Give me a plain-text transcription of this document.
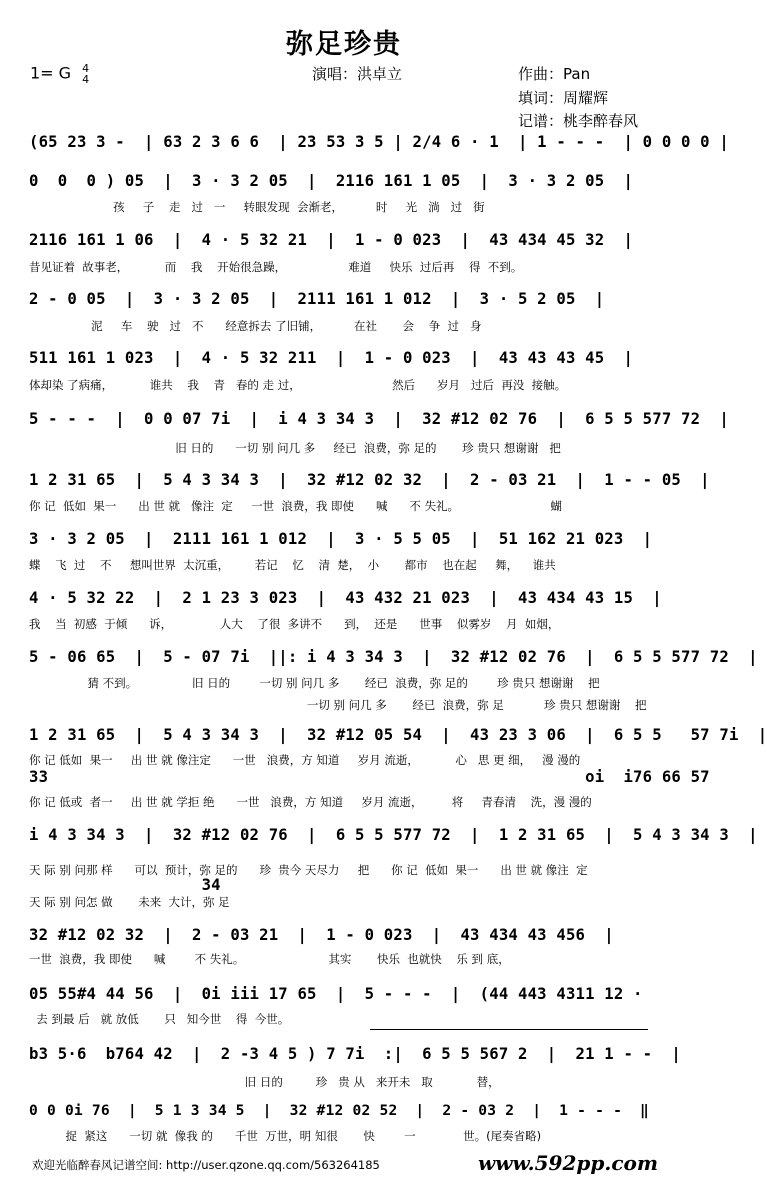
弥足珍贵
1= G 4
4	演唱：洪卓立	作曲：Pan
填词：周耀辉
记谱：桃李醉春风
(65 23 3 -  | 63 2 3 6 6  | 23 53 3 5 | 2/4 6 · 1  | 1 - - -  | 0 0 0 0 |
0  0  0 ) 05  |  3 · 3 2 05  |  2116 161 1 05  |  3 · 3 2 05  |
孩     子    走   过   一     转眼发现  会渐老，         时     光   淌   过   街
2116 161 1 06  |  4 · 5 32 21  |  1 - 0 023  |  43 434 45 32  |
昔见证着  故事老，          而    我    开始很急躁，                 难道     快乐  过后再    得  不到。
2 - 0 05  |  3 · 3 2 05  |  2111 161 1 012  |  3 · 5 2 05  |
泥     车    驶   过   不      经意拆去 了旧铺，         在社       会    争  过   身
511 161 1 023  |  4 · 5 32 211  |  1 - 0 023  |  43 43 43 45  |
体却染 了病痛，          谁共    我    青   春的 走 过，                         然后      岁月   过后  再没  接触。
5 - - -  |  0 0 07 7i  |  i 4 3 34 3  |  32 #12 02 76  |  6 5 5 577 72  |
旧 日的      一切 别 问几 多     经已  浪费，弥 足的       珍 贵只 想谢谢   把
1 2 31 65  |  5 4 3 34 3  |  32 #12 02 32  |  2 - 03 21  |  1 - - 05  |
你 记  低如  果一      出 世 就   像注  定     一世  浪费，我 即使      喊      不 失礼。                         蝴
3 · 3 2 05  |  2111 161 1 012  |  3 · 5 5 05  |  51 162 21 023  |
蝶    飞  过    不     想叫世界  太沉重，       若记    忆    清  楚，  小       都市    也在起     舞，    谁共
4 · 5 32 22  |  2 1 23 3 023  |  43 432 21 023  |  43 434 43 15  |
我    当  初感  于倾      诉，             人大    了很  多讲不      到，  还是      世事    似雾岁    月  如烟，
5 - 06 65  |  5 - 07 7i  ||: i 4 3 34 3  |  32 #12 02 76  |  6 5 5 577 72  |
猜 不到。               旧 日的        一切 别 问几 多       经已  浪费，弥 足的        珍 贵只 想谢谢    把
一切 别 问几 多       经已  浪费，弥 足           珍 贵只 想谢谢    把
1 2 31 65  |  5 4 3 34 3  |  32 #12 05 54  |  43 23 3 06  |  6 5 5   57 7i  |
你 记 低如  果一     出 世 就 像注定      一世   浪费，方 知道     岁月 流逝，          心   思 更 细，   漫 漫的
33                                                        oi  i76 66 57
你 记 低或  者一     出 世 就 学拒 绝      一世   浪费，方 知道     岁月 流逝，        将     青春清    洗，漫 漫的
i 4 3 34 3  |  32 #12 02 76  |  6 5 5 577 72  |  1 2 31 65  |  5 4 3 34 3  |
天 际 别 问那 样      可以  预计，弥 足的      珍  贵今 天尽力     把      你 记  低如  果一      出 世 就 像注  定
34
天 际 别 问怎 做       未来  大计，弥 足
32 #12 02 32  |  2 - 03 21  |  1 - 0 023  |  43 434 43 456  |
一世  浪费，我 即使      喊        不 失礼。                       其实       快乐  也就快    乐 到 底，
05 55#4 44 56  |  0i iii 17 65  |  5 - - -  |  (44 443 4311 12 ·
去 到最 后   就 放低       只   知今世    得  今世。
b3 5·6  b764 42  |  2 -3 4 5 ) 7 7i  :|  6 5 5 567 2  |  21 1 - -  |
旧 日的         珍   贵 从   来开未   取            替，
0 0 0i 76  |  5 1 3 34 5  |  32 #12 02 52  |  2 - 03 2  |  1 - - -  ‖
捉  紧这      一切 就  像我 的      千世  万世，明 知很       快        一             世。(尾奏省略)
欢迎光临醉春风记谱空间: http://user.qzone.qq.com/563264185	www.592pp.com
